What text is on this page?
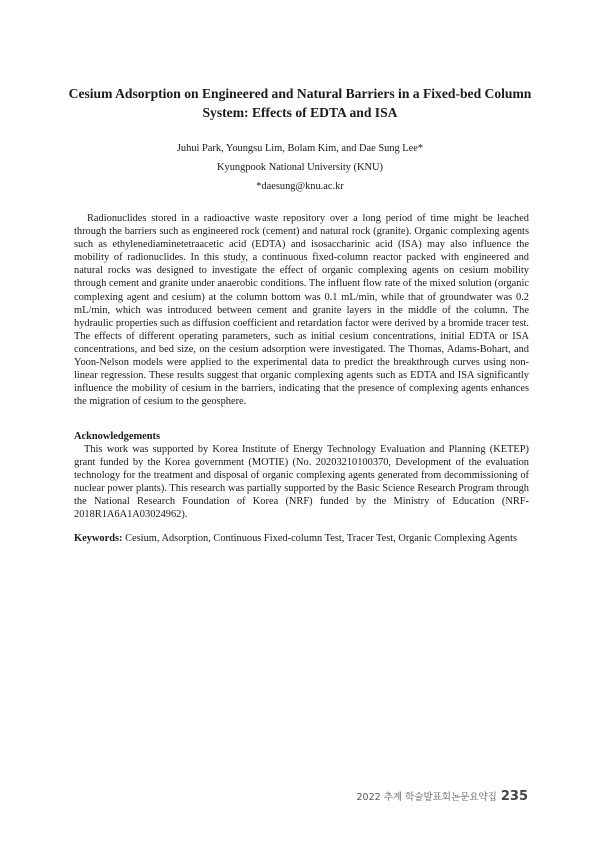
Cesium Adsorption on Engineered and Natural Barriers in a Fixed-bed Column System: Effects of EDTA and ISA
Juhui Park, Youngsu Lim, Bolam Kim, and Dae Sung Lee*
Kyungpook National University (KNU)
*daesung@knu.ac.kr

Radionuclides stored in a radioactive waste repository over a long period of time might be leached through the barriers such as engineered rock (cement) and natural rock (granite). Organic complexing agents such as ethylenediaminetetraacetic acid (EDTA) and isosaccharinic acid (ISA) may also influence the mobility of radionuclides. In this study, a continuous fixed-column reactor packed with engineered and natural rocks was designed to investigate the effect of organic complexing agents on cesium mobility through cement and granite under anaerobic conditions. The influent flow rate of the mixed solution (organic complexing agent and cesium) at the column bottom was 0.1 mL/min, while that of groundwater was 0.2 mL/min, which was introduced between cement and granite layers in the middle of the column. The hydraulic properties such as diffusion coefficient and retardation factor were derived by a bromide tracer test. The effects of different operating parameters, such as initial cesium concentrations, initial EDTA or ISA concentrations, and bed size, on the cesium adsorption were investigated. The Thomas, Adams-Bohart, and Yoon-Nelson models were applied to the experimental data to predict the breakthrough curves using non-linear regression. These results suggest that organic complexing agents such as EDTA and ISA significantly influence the mobility of cesium in the barriers, indicating that the presence of complexing agents enhances the migration of cesium to the geosphere.

Acknowledgements

This work was supported by Korea Institute of Energy Technology Evaluation and Planning (KETEP) grant funded by the Korea government (MOTIE) (No. 20203210100370, Development of the evaluation technology for the treatment and disposal of organic complexing agents generated from decommissioning of nuclear power plants). This research was partially supported by the Basic Science Research Program through the National Research Foundation of Korea (NRF) funded by the Ministry of Education (NRF-2018R1A6A1A03024962).

Keywords: Cesium, Adsorption, Continuous Fixed-column Test, Tracer Test, Organic Complexing Agents

2022 추계 학술발표회논문요약집 235
